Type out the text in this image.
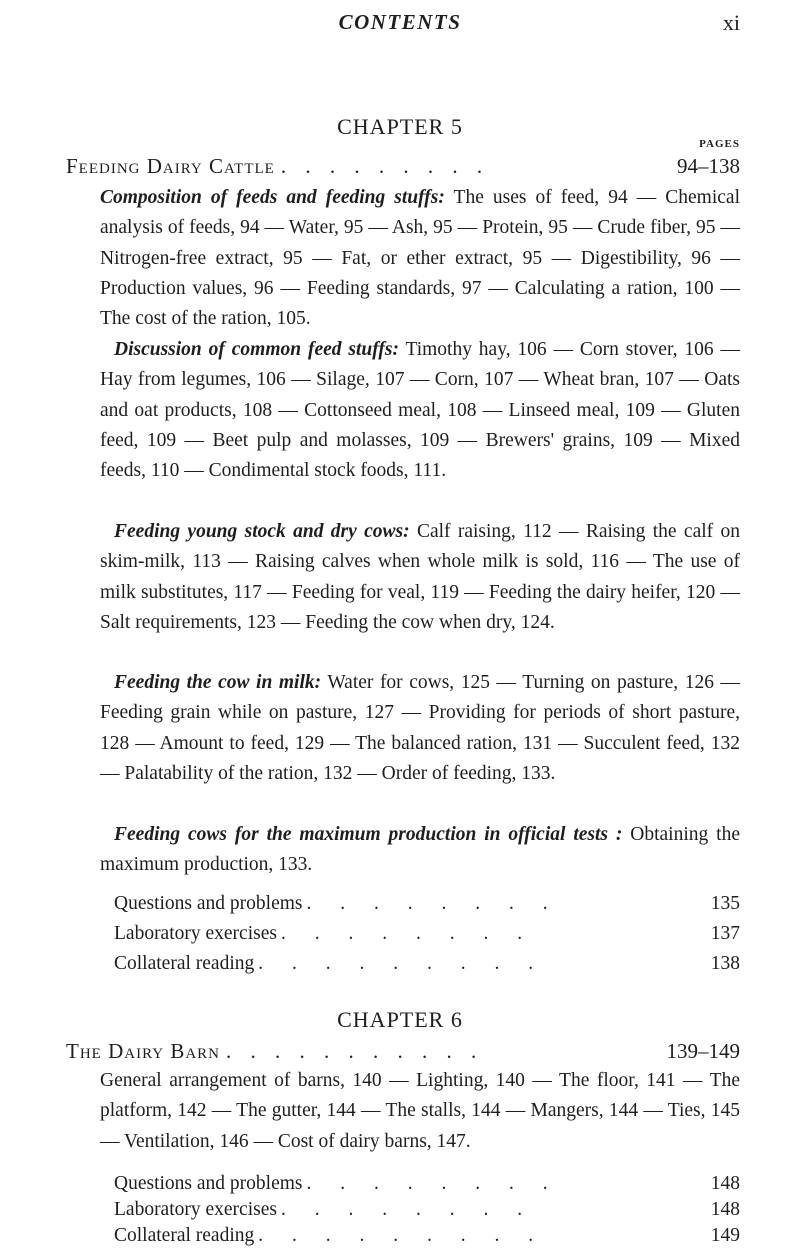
CONTENTS	xi
CHAPTER 5
PAGES
Feeding Dairy Cattle . . . . . . . . .	94–138

Composition of feeds and feeding stuffs: The uses of feed, 94 — Chemical analysis of feeds, 94 — Water, 95 — Ash, 95 — Protein, 95 — Crude fiber, 95 — Nitrogen-free extract, 95 — Fat, or ether extract, 95 — Digestibility, 96 — Production values, 96 — Feeding standards, 97 — Calculating a ration, 100 — The cost of the ration, 105.

Discussion of common feed stuffs: Timothy hay, 106 — Corn stover, 106 — Hay from legumes, 106 — Silage, 107 — Corn, 107 — Wheat bran, 107 — Oats and oat products, 108 — Cottonseed meal, 108 — Linseed meal, 109 — Gluten feed, 109 — Beet pulp and molasses, 109 — Brewers' grains, 109 — Mixed feeds, 110 — Condimental stock foods, 111.

Feeding young stock and dry cows: Calf raising, 112 — Raising the calf on skim-milk, 113 — Raising calves when whole milk is sold, 116 — The use of milk substitutes, 117 — Feeding for veal, 119 — Feeding the dairy heifer, 120 — Salt requirements, 123 — Feeding the cow when dry, 124.

Feeding the cow in milk: Water for cows, 125 — Turning on pasture, 126 — Feeding grain while on pasture, 127 — Providing for periods of short pasture, 128 — Amount to feed, 129 — The balanced ration, 131 — Succulent feed, 132 — Palatability of the ration, 132 — Order of feeding, 133.

Feeding cows for the maximum production in official tests : Obtaining the maximum production, 133.

Questions and problems . . . . . . . .	135
Laboratory exercises . . . . . . . .	137
Collateral reading . . . . . . . . .	138
CHAPTER 6
The Dairy Barn . . . . . . . . . . .	139–149

General arrangement of barns, 140 — Lighting, 140 — The floor, 141 — The platform, 142 — The gutter, 144 — The stalls, 144 — Mangers, 144 — Ties, 145 — Ventilation, 146 — Cost of dairy barns, 147.

Questions and problems . . . . . . . .	148
Laboratory exercises . . . . . . . .	148
Collateral reading . . . . . . . . .	149
